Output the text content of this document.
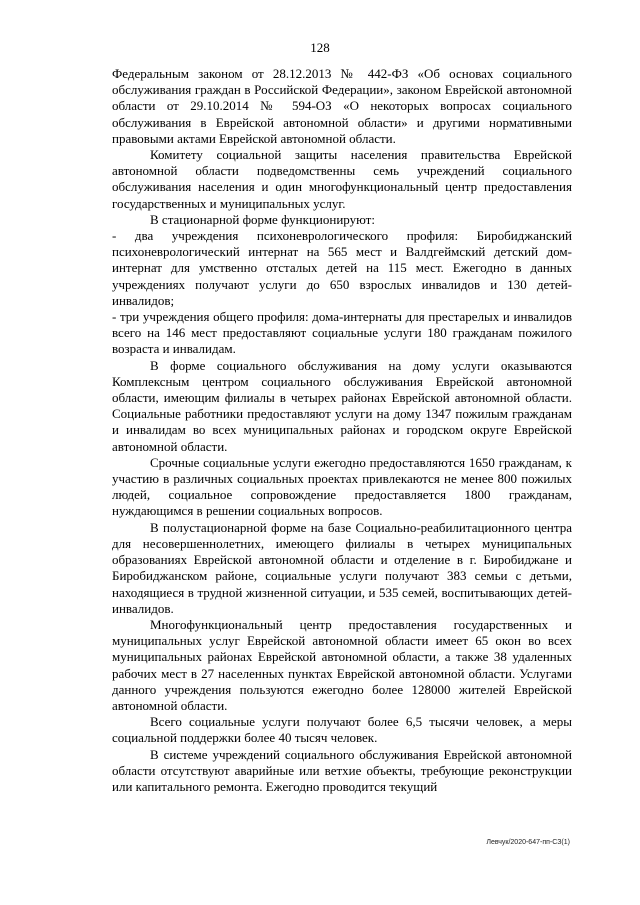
128

Федеральным законом от 28.12.2013 № 442-ФЗ «Об основах социального обслуживания граждан в Российской Федерации», законом Еврейской автономной области от 29.10.2014 № 594-ОЗ «О некоторых вопросах социального обслуживания в Еврейской автономной области» и другими нормативными правовыми актами Еврейской автономной области.

Комитету социальной защиты населения правительства Еврейской автономной области подведомственны семь учреждений социального обслуживания населения и один многофункциональный центр предоставления государственных и муниципальных услуг.

В стационарной форме функционируют:

- два учреждения психоневрологического профиля: Биробиджанский психоневрологический интернат на 565 мест и Валдгеймский детский дом-интернат для умственно отсталых детей на 115 мест. Ежегодно в данных учреждениях получают услуги до 650 взрослых инвалидов и 130 детей-инвалидов;

- три учреждения общего профиля: дома-интернаты для престарелых и инвалидов всего на 146 мест предоставляют социальные услуги 180 гражданам пожилого возраста и инвалидам.

В форме социального обслуживания на дому услуги оказываются Комплексным центром социального обслуживания Еврейской автономной области, имеющим филиалы в четырех районах Еврейской автономной области. Социальные работники предоставляют услуги на дому 1347 пожилым гражданам и инвалидам во всех муниципальных районах и городском округе Еврейской автономной области.

Срочные социальные услуги ежегодно предоставляются 1650 гражданам, к участию в различных социальных проектах привлекаются не менее 800 пожилых людей, социальное сопровождение предоставляется 1800 гражданам, нуждающимся в решении социальных вопросов.

В полустационарной форме на базе Социально-реабилитационного центра для несовершеннолетних, имеющего филиалы в четырех муниципальных образованиях Еврейской автономной области и отделение в г. Биробиджане и Биробиджанском районе, социальные услуги получают 383 семьи с детьми, находящиеся в трудной жизненной ситуации, и 535 семей, воспитывающих детей-инвалидов.

Многофункциональный центр предоставления государственных и муниципальных услуг Еврейской автономной области имеет 65 окон во всех муниципальных районах Еврейской автономной области, а также 38 удаленных рабочих мест в 27 населенных пунктах Еврейской автономной области. Услугами данного учреждения пользуются ежегодно более 128000 жителей Еврейской автономной области.

Всего социальные услуги получают более 6,5 тысячи человек, а меры социальной поддержки более 40 тысяч человек.

В системе учреждений социального обслуживания Еврейской автономной области отсутствуют аварийные или ветхие объекты, требующие реконструкции или капитального ремонта. Ежегодно проводится текущий

Левчук/2020-647-пп-СЗ(1)
